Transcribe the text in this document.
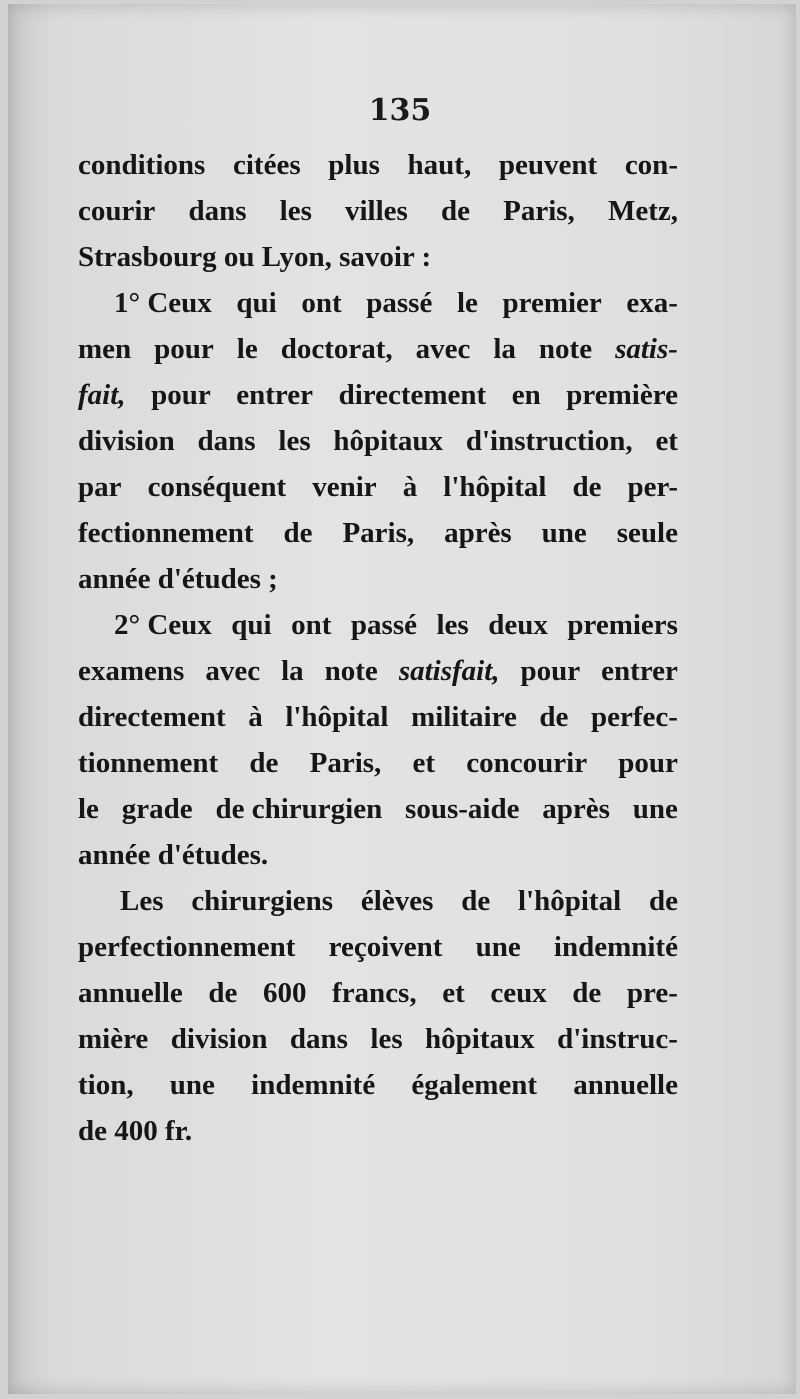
135
conditions citées plus haut, peuvent con-
courir dans les villes de Paris, Metz,
Strasbourg ou Lyon, savoir :
1° Ceux qui ont passé le premier exa-
men pour le doctorat, avec la note satis-
fait, pour entrer directement en première
division dans les hôpitaux d'instruction, et
par conséquent venir à l'hôpital de per-
fectionnement de Paris, après une seule
année d'études ;
2° Ceux qui ont passé les deux premiers
examens avec la note satisfait, pour entrer
directement à l'hôpital militaire de perfec-
tionnement de Paris, et concourir pour
le grade de chirurgien sous-aide après une
année d'études.
Les chirurgiens élèves de l'hôpital de
perfectionnement reçoivent une indemnité
annuelle de 600 francs, et ceux de pre-
mière division dans les hôpitaux d'instruc-
tion, une indemnité également annuelle
de 400 fr.
